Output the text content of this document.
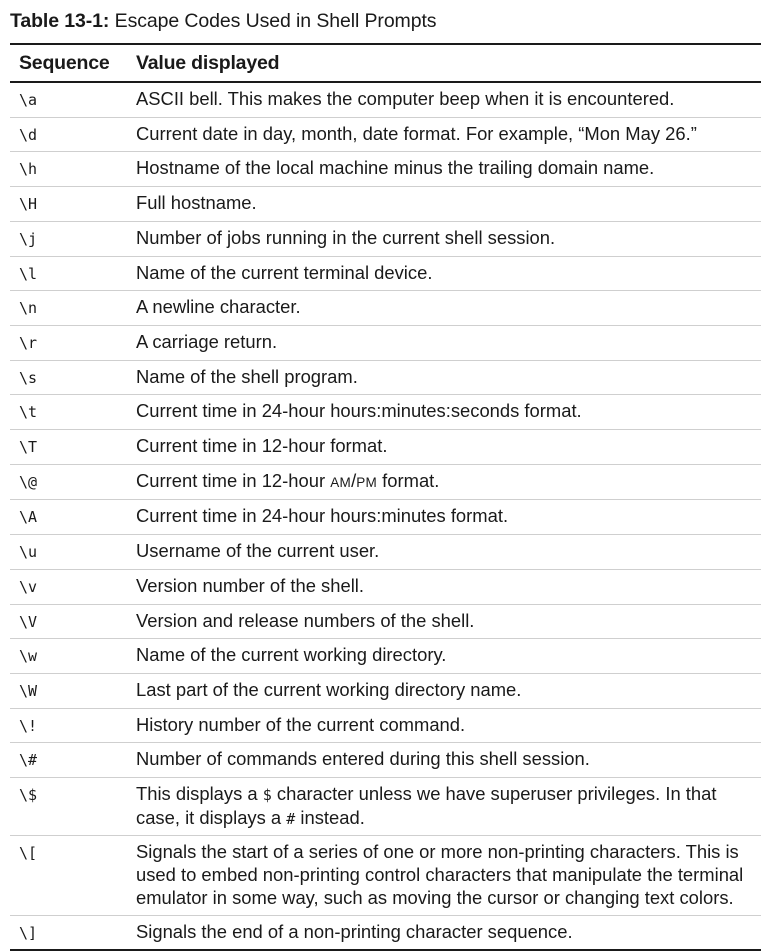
Table 13-1: Escape Codes Used in Shell Prompts
Sequence	Value displayed
\a	ASCII bell. This makes the computer beep when it is encountered.
\d	Current date in day, month, date format. For example, “Mon May 26.”
\h	Hostname of the local machine minus the trailing domain name.
\H	Full hostname.
\j	Number of jobs running in the current shell session.
\l	Name of the current terminal device.
\n	A newline character.
\r	A carriage return.
\s	Name of the shell program.
\t	Current time in 24-hour hours:minutes:seconds format.
\T	Current time in 12-hour format.
\@	Current time in 12-hour AM/PM format.
\A	Current time in 24-hour hours:minutes format.
\u	Username of the current user.
\v	Version number of the shell.
\V	Version and release numbers of the shell.
\w	Name of the current working directory.
\W	Last part of the current working directory name.
\!	History number of the current command.
\#	Number of commands entered during this shell session.
\$	This displays a $ character unless we have superuser privileges. In that case, it displays a # instead.
\[	Signals the start of a series of one or more non-printing characters. This is used to embed non-printing control characters that manipulate the terminal emulator in some way, such as moving the cursor or changing text colors.
\]	Signals the end of a non-printing character sequence.
